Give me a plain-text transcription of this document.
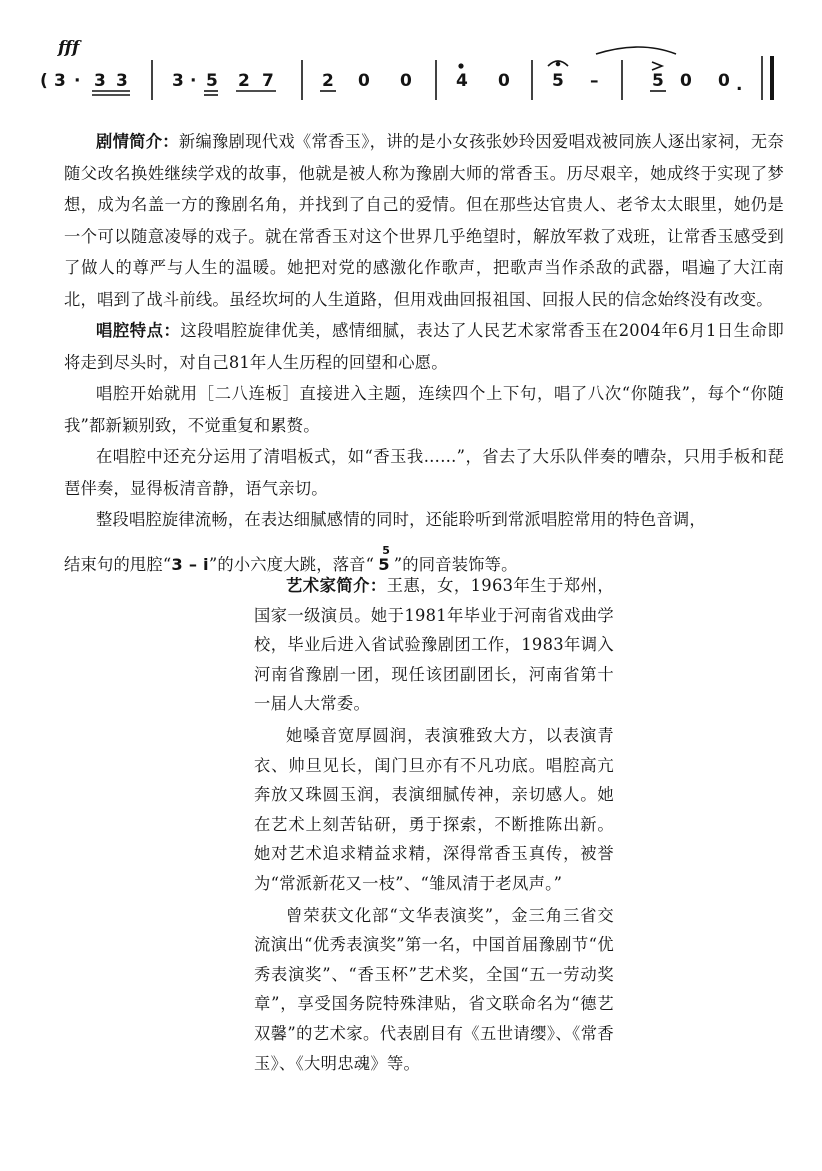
fff
( 3 · 3 3	3 · 5 2 7	2 0 0	4 0 5 –	5 0 0 .

剧情简介：新编豫剧现代戏《常香玉》，讲的是小女孩张妙玲因爱唱戏被同族人逐出家祠，无奈随父改名换姓继续学戏的故事，他就是被人称为豫剧大师的常香玉。历尽艰辛，她成终于实现了梦想，成为名盖一方的豫剧名角，并找到了自己的爱情。但在那些达官贵人、老爷太太眼里，她仍是一个可以随意凌辱的戏子。就在常香玉对这个世界几乎绝望时，解放军救了戏班，让常香玉感受到了做人的尊严与人生的温暖。她把对党的感激化作歌声，把歌声当作杀敌的武器，唱遍了大江南北，唱到了战斗前线。虽经坎坷的人生道路，但用戏曲回报祖国、回报人民的信念始终没有改变。

唱腔特点：这段唱腔旋律优美，感情细腻，表达了人民艺术家常香玉在2004年6月1日生命即将走到尽头时，对自己81年人生历程的回望和心愿。

唱腔开始就用［二八连板］直接进入主题，连续四个上下句，唱了八次“你随我”，每个“你随我”都新颖别致，不觉重复和累赘。

在唱腔中还充分运用了清唱板式，如“香玉我……”，省去了大乐队伴奏的嘈杂，只用手板和琵琶伴奏，显得板清音静，语气亲切。

整段唱腔旋律流畅，在表达细腻感情的同时，还能聆听到常派唱腔常用的特色音调，

结束句的甩腔“3 – i”的小六度大跳，落音“
5
5 ”的同音装饰等。

艺术家简介：王惠，女，1963年生于郑州，国家一级演员。她于1981年毕业于河南省戏曲学校，毕业后进入省试验豫剧团工作，1983年调入河南省豫剧一团，现任该团副团长，河南省第十一届人大常委。

她嗓音宽厚圆润，表演雅致大方，以表演青衣、帅旦见长，闺门旦亦有不凡功底。唱腔高亢奔放又珠圆玉润，表演细腻传神，亲切感人。她在艺术上刻苦钻研，勇于探索，不断推陈出新。她对艺术追求精益求精，深得常香玉真传，被誉为“常派新花又一枝”、“雏凤清于老凤声。”

曾荣获文化部“文华表演奖”，金三角三省交流演出“优秀表演奖”第一名，中国首届豫剧节“优秀表演奖”、“香玉杯”艺术奖，全国“五一劳动奖章”，享受国务院特殊津贴，省文联命名为“德艺双馨”的艺术家。代表剧目有《五世请缨》、《常香玉》、《大明忠魂》等。
